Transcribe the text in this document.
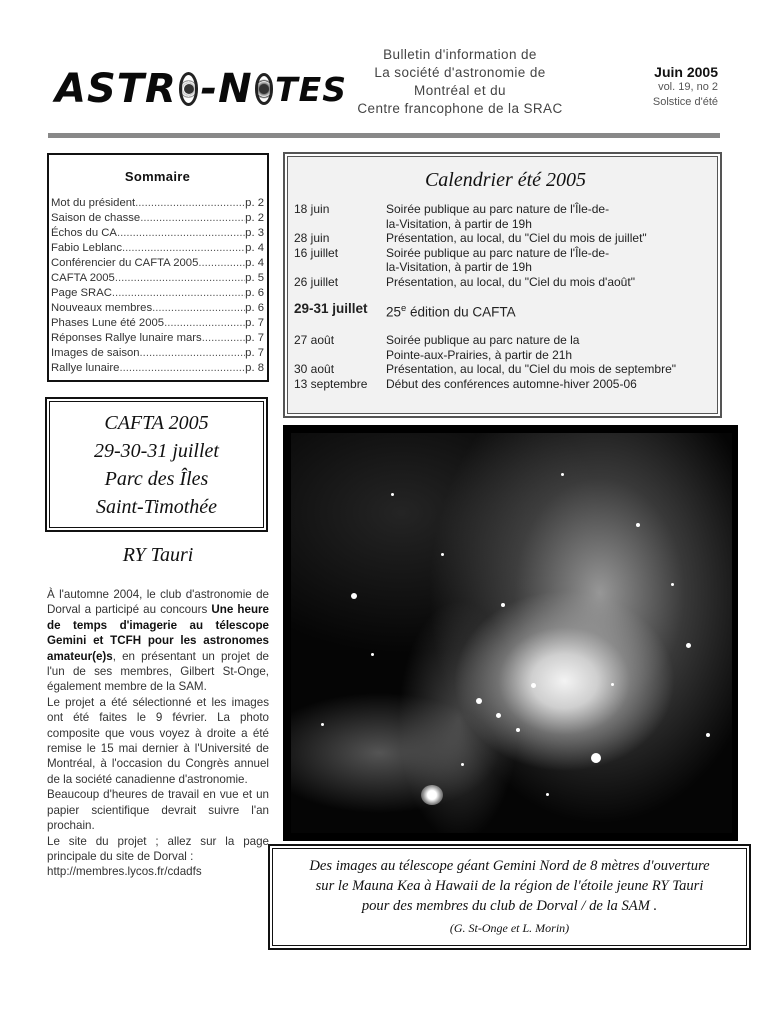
ASTR -N TES
Bulletin d'information de
La société d'astronomie de
Montréal et du
Centre francophone de la SRAC
Juin 2005
vol. 19, no 2
Solstice d'été
Sommaire
Mot du président .....	p. 2
Saison de chasse .....	p. 2
Échos du CA .....	p. 3
Fabio Leblanc .....	p. 4
Conférencier du CAFTA 2005 .....	p. 4
CAFTA 2005 .....	p. 5
Page SRAC .....	p. 6
Nouveaux membres .....	p. 6
Phases Lune été 2005 .....	p. 7
Réponses Rallye lunaire mars .....	p. 7
Images de saison .....	p. 7
Rallye lunaire .....	p. 8
CAFTA 2005
29-30-31 juillet
Parc des Îles
Saint-Timothée
RY Tauri

À l'automne 2004, le club d'astronomie de Dorval a participé au concours Une heure de temps d'imagerie au télescope Gemini et TCFH pour les astronomes amateur(e)s, en présentant un projet de l'un de ses membres, Gilbert St-Onge, également membre de la SAM.

Le projet a été sélectionné et les images ont été faites le 9 février. La photo composite que vous voyez à droite a été remise le 15 mai dernier à l'Université de Montréal, à l'occasion du Congrès annuel de la société canadienne d'astronomie.

Beaucoup d'heures de travail en vue et un papier scientifique devrait suivre l'an prochain.

Le site du projet ; allez sur la page principale du site de Dorval :

http://membres.lycos.fr/cdadfs

Calendrier été 2005
18 juin	Soirée publique au parc nature de l'Île-de-
la-Visitation, à partir de 19h
28 juin	Présentation, au local, du "Ciel du mois de juillet"
16 juillet	Soirée publique au parc nature de l'Île-de-
la-Visitation, à partir de 19h
26 juillet	Présentation, au local, du "Ciel du mois d'août"
29-31 juillet	25e édition du CAFTA
27 août	Soirée publique au parc nature de la
Pointe-aux-Prairies, à partir de 21h
30 août	Présentation, au local, du "Ciel du mois de septembre"
13 septembre	Début des conférences automne-hiver 2005-06
Des images au télescope géant Gemini Nord de 8 mètres d'ouverture
sur le Mauna Kea à Hawaii de la région de l'étoile jeune RY Tauri
pour des membres du club de Dorval / de la SAM .
(G. St-Onge et L. Morin)
